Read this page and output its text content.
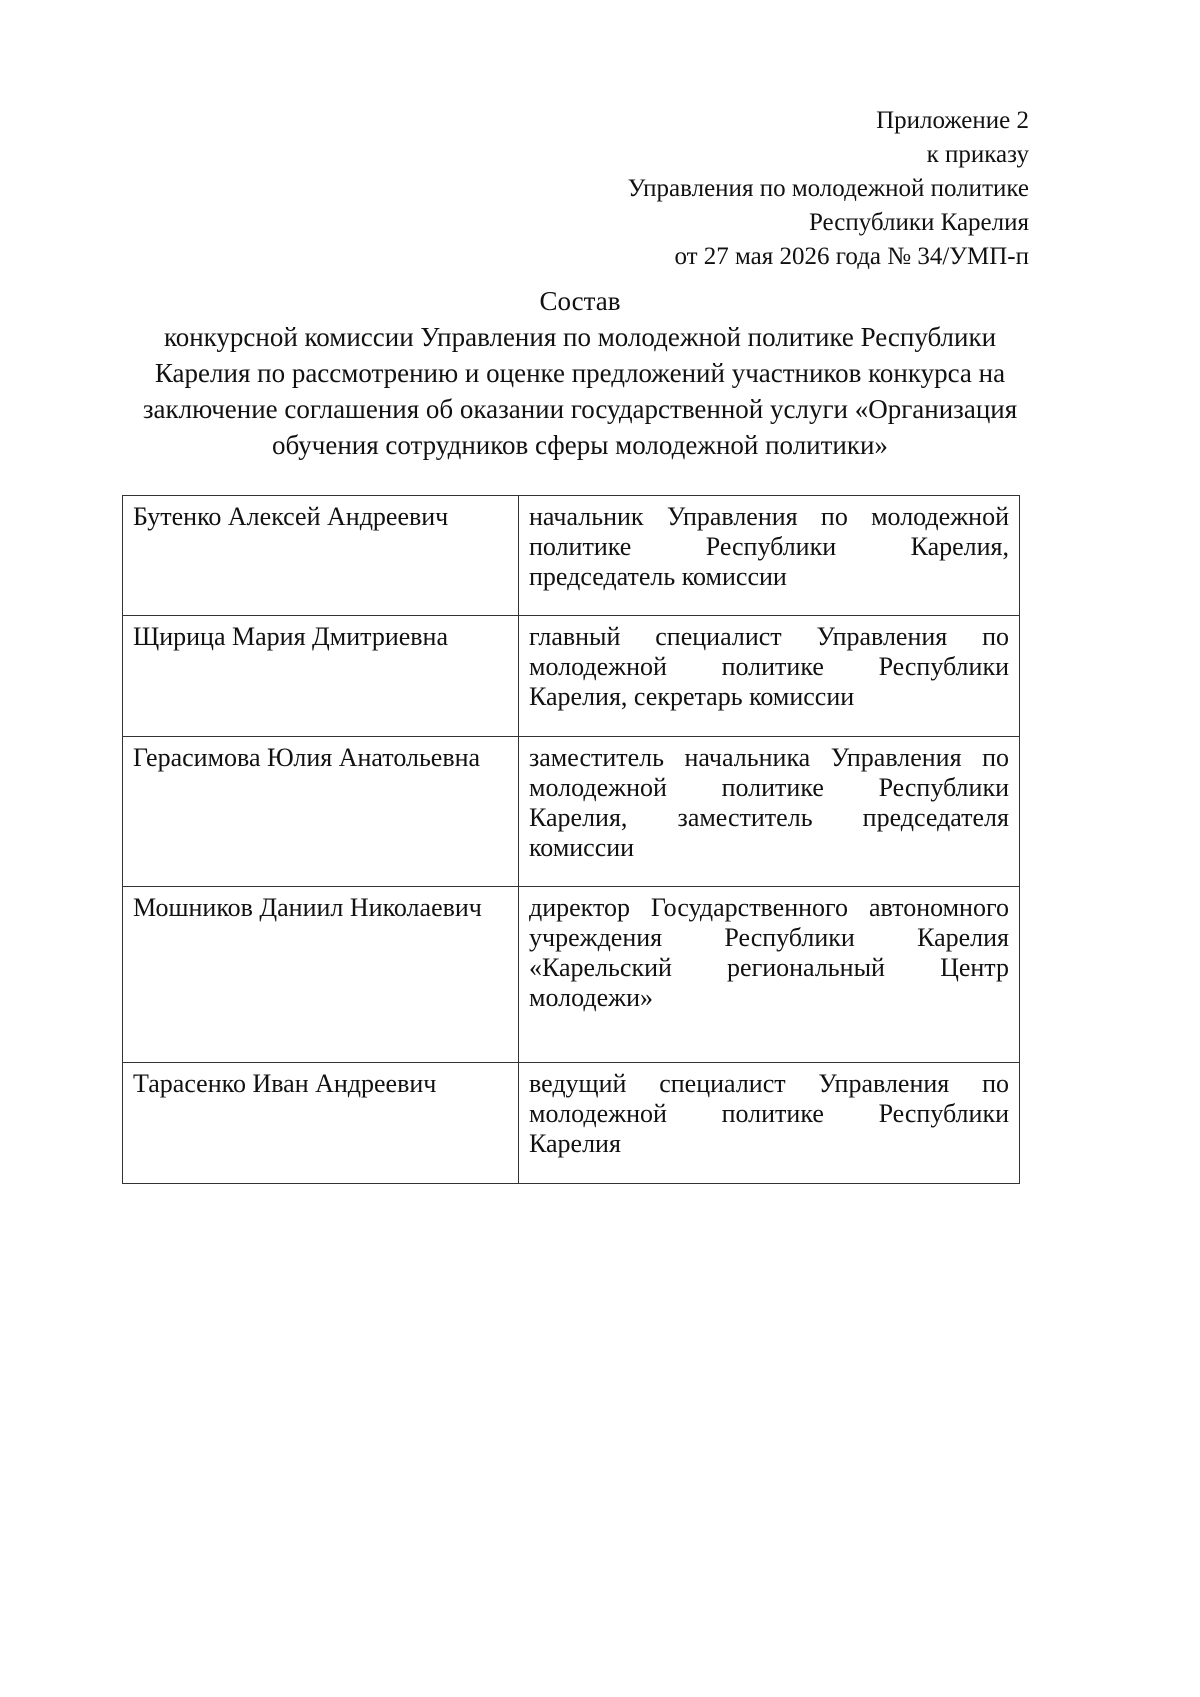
Приложение 2
к приказу
Управления по молодежной политике
Республики Карелия
от 27 мая 2026 года № 34/УМП-п
Состав
конкурсной комиссии Управления по молодежной политике Республики
Карелия по рассмотрению и оценке предложений участников конкурса на
заключение соглашения об оказании государственной услуги «Организация
обучения сотрудников сферы молодежной политики»
Бутенко Алексей Андреевич	начальник Управления по молодежной политике Республики Карелия, председатель комиссии
Щирица Мария Дмитриевна	главный специалист Управления по молодежной политике Республики Карелия, секретарь комиссии
Герасимова Юлия Анатольевна	заместитель начальника Управления по молодежной политике Республики Карелия, заместитель председателя комиссии
Мошников Даниил Николаевич	директор Государственного автономного учреждения Республики Карелия «Карельский региональный Центр молодежи»
Тарасенко Иван Андреевич	ведущий специалист Управления по молодежной политике Республики Карелия
